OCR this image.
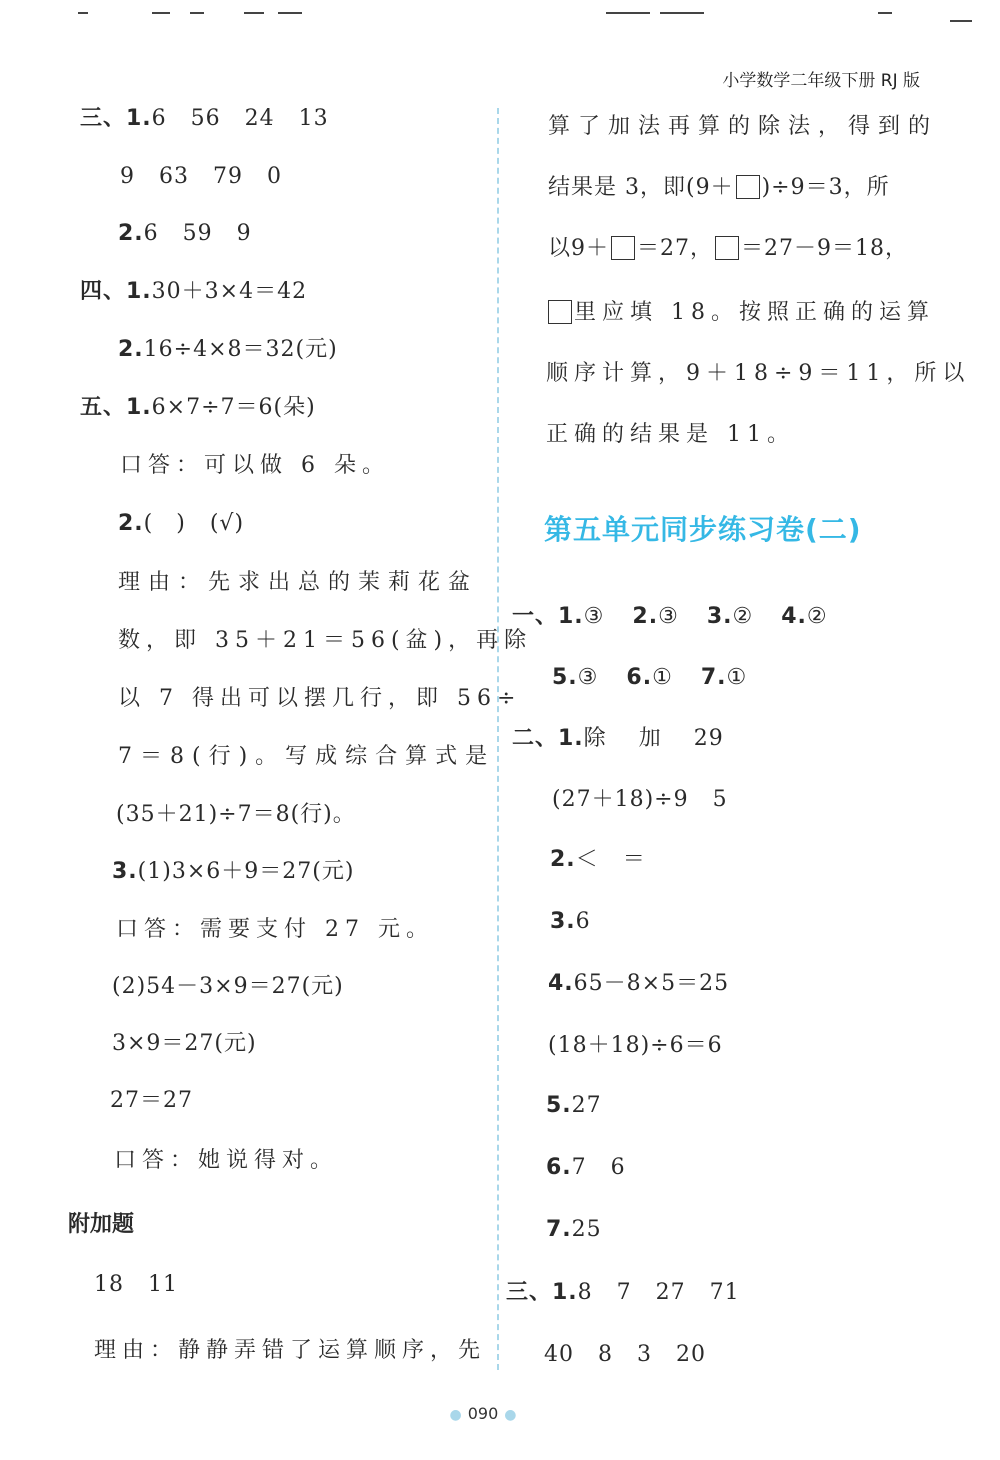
小学数学二年级下册 RJ 版
三、1.6 56 24 13
9 63 79 0
2.6 59 9
四、1.30＋3×4＝42
2.16÷4×8＝32(元)
五、1.6×7÷7＝6(朵)
口答：可以做 6 朵。
2.(　) (√)
理由：先求出总的茉莉花盆
数，即 35＋21＝56(盆)，再除
以 7 得出可以摆几行，即 56÷
7＝8(行)。写成综合算式是
(35＋21)÷7＝8(行)。
3.(1)3×6＋9＝27(元)
口答：需要支付 27 元。
(2)54－3×9＝27(元)
3×9＝27(元)
27＝27
口答：她说得对。
附加题
18 11
理由：静静弄错了运算顺序，先
算了加法再算的除法，得到的
结果是 3，即(9＋ )÷9＝3，所
以9＋ ＝27， ＝27－9＝18，
里应填 18。按照正确的运算
顺序计算，9＋18÷9＝11，所以
正确的结果是 11。
第五单元同步练习卷(二)
一、1.③ 2.③ 3.② 4.②
5.③ 6.① 7.①
二、1.除 加 29
(27＋18)÷9 5
2.＜ ＝
3.6
4.65－8×5＝25
(18＋18)÷6＝6
5.27
6.7 6
7.25
三、1.8 7 27 71
40 8 3 20
● 090 ●
